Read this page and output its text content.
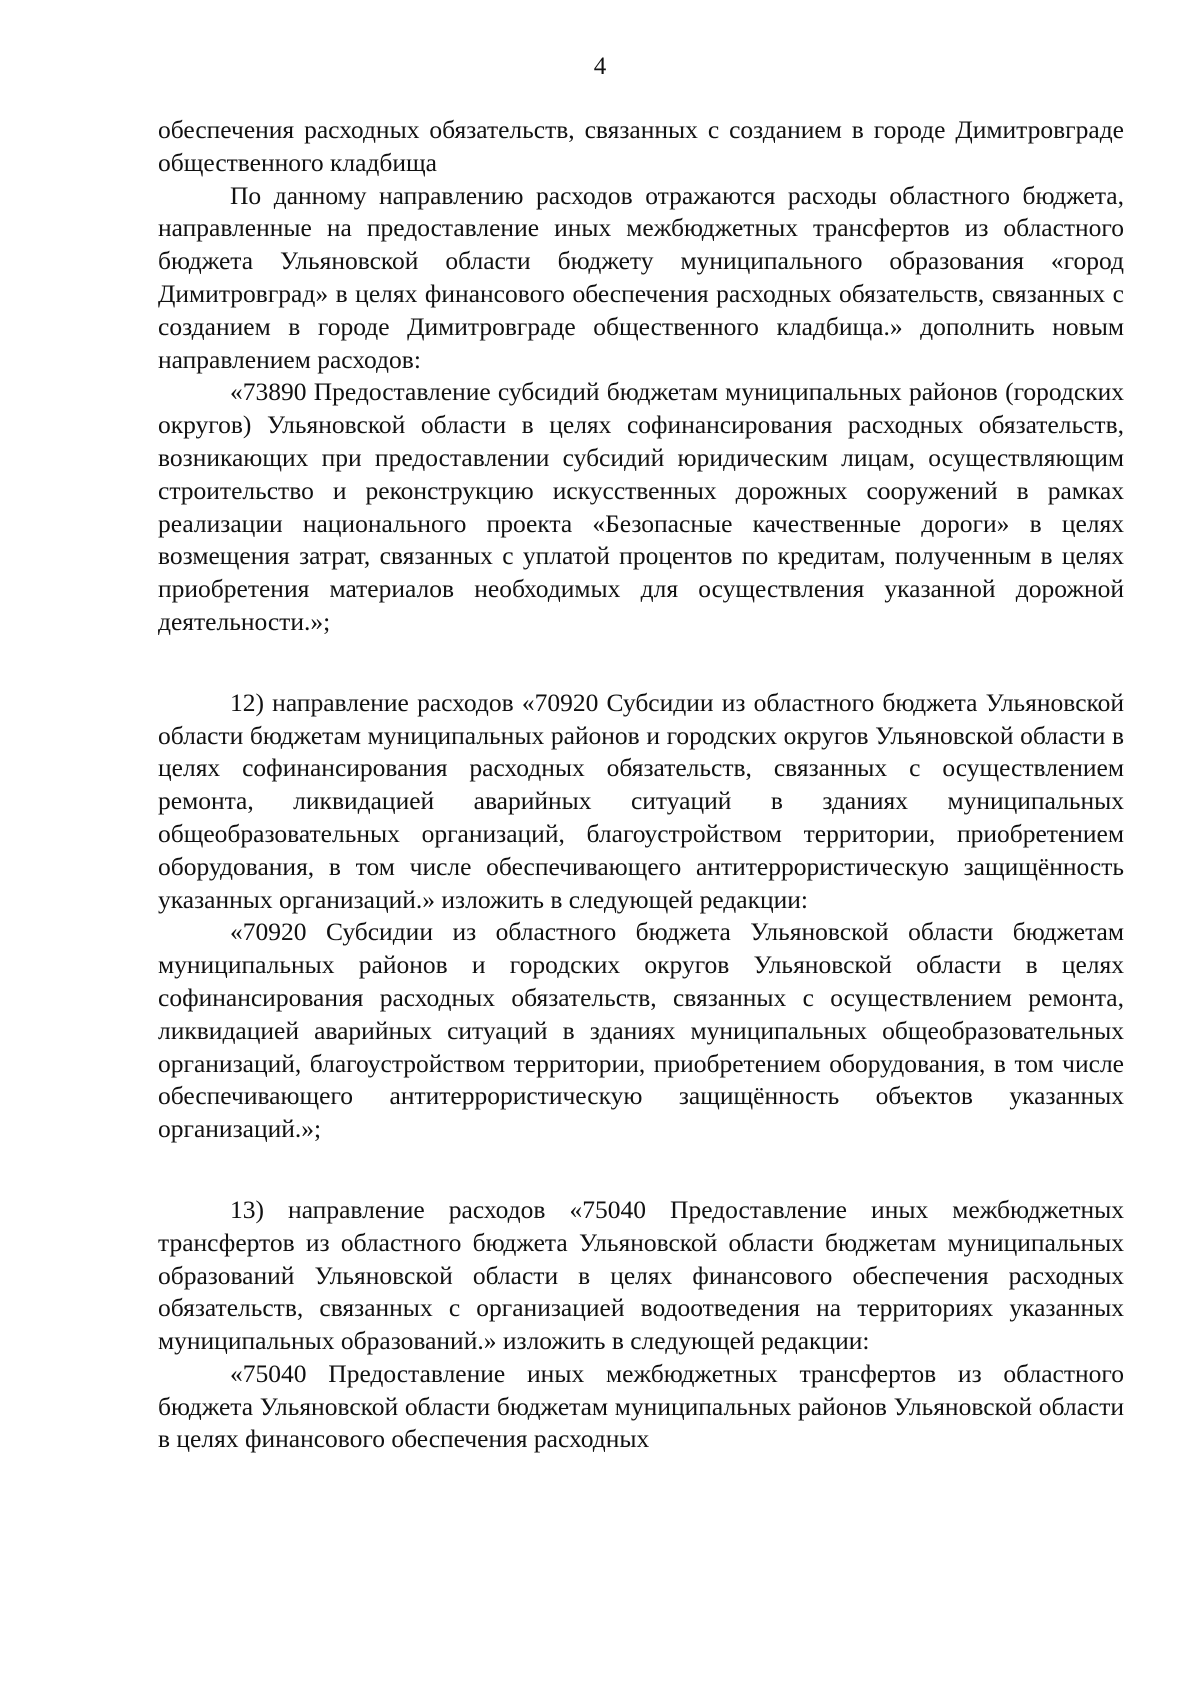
4

обеспечения расходных обязательств, связанных с созданием в городе Димитровграде общественного кладбища

По данному направлению расходов отражаются расходы областного бюджета, направленные на предоставление иных межбюджетных трансфертов из областного бюджета Ульяновской области бюджету муниципального образования «город Димитровград» в целях финансового обеспечения расходных обязательств, связанных с созданием в городе Димитровграде общественного кладбища.» дополнить новым направлением расходов:

«73890 Предоставление субсидий бюджетам муниципальных районов (городских округов) Ульяновской области в целях софинансирования расходных обязательств, возникающих при предоставлении субсидий юридическим лицам, осуществляющим строительство и реконструкцию искусственных дорожных сооружений в рамках реализации национального проекта «Безопасные качественные дороги» в целях возмещения затрат, связанных с уплатой процентов по кредитам, полученным в целях приобретения материалов необходимых для осуществления указанной дорожной деятельности.»;

12) направление расходов «70920 Субсидии из областного бюджета Ульяновской области бюджетам муниципальных районов и городских округов Ульяновской области в целях софинансирования расходных обязательств, связанных с осуществлением ремонта, ликвидацией аварийных ситуаций в зданиях муниципальных общеобразовательных организаций, благоустройством территории, приобретением оборудования, в том числе обеспечивающего антитеррористическую защищённость указанных организаций.» изложить в следующей редакции:

«70920 Субсидии из областного бюджета Ульяновской области бюджетам муниципальных районов и городских округов Ульяновской области в целях софинансирования расходных обязательств, связанных с осуществлением ремонта, ликвидацией аварийных ситуаций в зданиях муниципальных общеобразовательных организаций, благоустройством территории, приобретением оборудования, в том числе обеспечивающего антитеррористическую защищённость объектов указанных организаций.»;

13) направление расходов «75040 Предоставление иных межбюджетных трансфертов из областного бюджета Ульяновской области бюджетам муниципальных образований Ульяновской области в целях финансового обеспечения расходных обязательств, связанных с организацией водоотведения на территориях указанных муниципальных образований.» изложить в следующей редакции:

«75040 Предоставление иных межбюджетных трансфертов из областного бюджета Ульяновской области бюджетам муниципальных районов Ульяновской области в целях финансового обеспечения расходных
